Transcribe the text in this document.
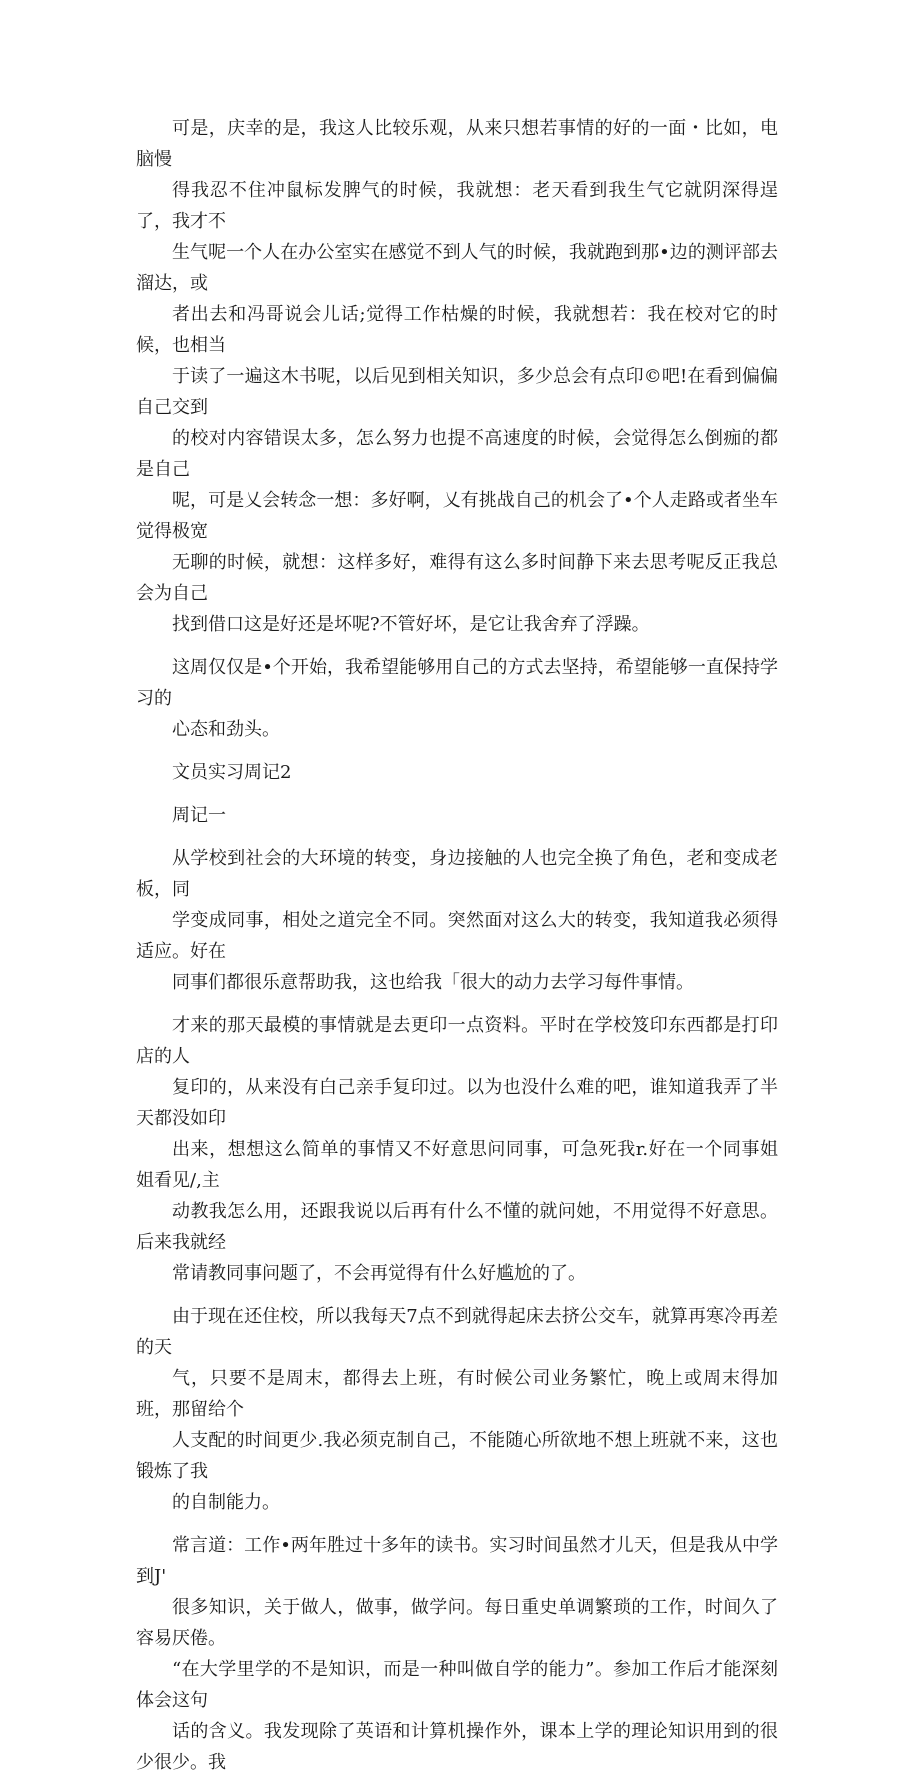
可是，庆幸的是，我这人比较乐观，从来只想若事情的好的一面・比如，电脑慢
得我忍不住冲鼠标发脾气的时候，我就想：老天看到我生气它就阴深得逞了，我才不
生气呢一个人在办公室实在感觉不到人气的时候，我就跑到那•边的测评部去溜达，或
者出去和冯哥说会儿话;觉得工作枯燥的时候，我就想若：我在校对它的时候，也相当
于读了一遍这木书呢，以后见到相关知识，多少总会有点印©吧!在看到偏偏自己交到
的校对内容错误太多，怎么努力也提不高速度的时候，会觉得怎么倒痂的都是自己
呢，可是乂会转念一想：多好啊，乂有挑战自己的机会了•个人走路或者坐车觉得极宽
无聊的时候，就想：这样多好，难得有这么多时间静下来去思考呢反正我总会为自己
找到借口这是好还是坏呢?不管好坏，是它让我舍弃了浮躁。
这周仅仅是•个开始，我希望能够用自己的方式去坚持，希望能够一直保持学习的
心态和劲头。
文员实习周记2
周记一
从学校到社会的大环境的转变，身边接触的人也完全换了角色，老和变成老板，同
学变成同事，相处之道完全不同。突然面对这么大的转变，我知道我必须得适应。好在
同事们都很乐意帮助我，这也给我「很大的动力去学习每件事情。
才来的那天最模的事情就是去更印一点资料。平时在学校笈印东西都是打印店的人
复印的，从来没有白己亲手复印过。以为也没什么难的吧，谁知道我弄了半天都没如印
出来，想想这么简单的事情又不好意思问同事，可急死我r.好在一个同事姐姐看见/,主
动教我怎么用，还跟我说以后再有什么不懂的就问她，不用觉得不好意思。后来我就经
常请教同事问题了，不会再觉得有什么好尴尬的了。
由于现在还住校，所以我每天7点不到就得起床去挤公交车，就算再寒冷再差的天
气，只要不是周末，都得去上班，有时候公司业务繁忙，晚上或周末得加班，那留给个
人支配的时间更少.我必须克制自己，不能随心所欲地不想上班就不来，这也锻炼了我
的自制能力。
常言道：工作•两年胜过十多年的读书。实习时间虽然才儿天，但是我从中学到J'
很多知识，关于做人，做事，做学问。每日重史单调繁琐的工作，时间久了容易厌倦。
“在大学里学的不是知识，而是一种叫做自学的能力”。参加工作后才能深刻体会这句
话的含义。我发现除了英语和计算机操作外，课本上学的理论知识用到的很少很少。我
